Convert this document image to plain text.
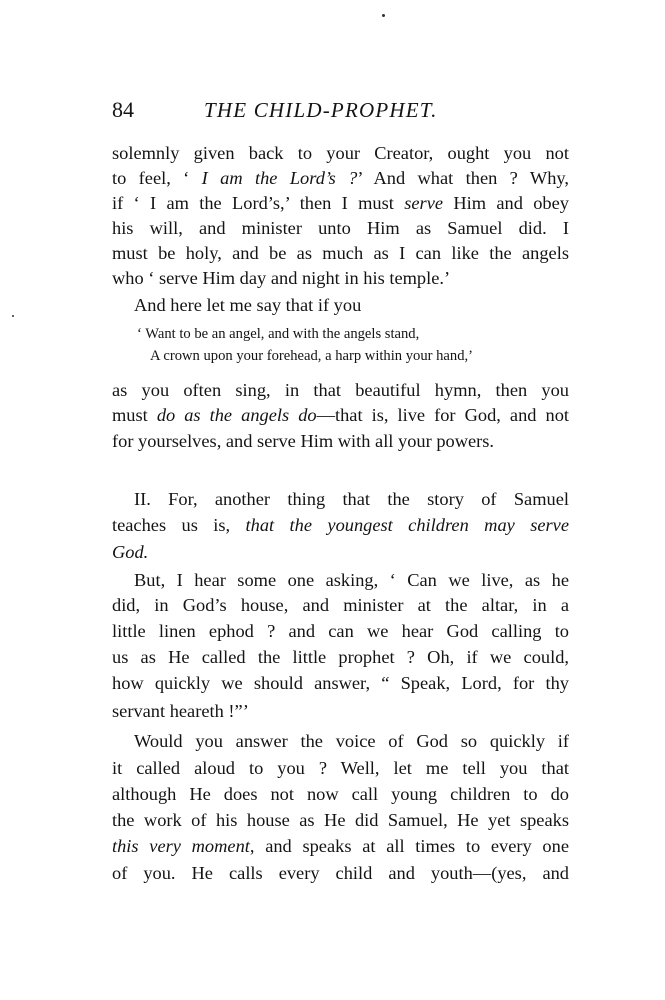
84	THE CHILD-PROPHET.
solemnly given back to your Creator, ought you not
to feel, ‘ I am the Lord’s ?’ And what then ? Why,
if ‘ I am the Lord’s,’ then I must serve Him and obey
his will, and minister unto Him as Samuel did. I
must be holy, and be as much as I can like the angels
who ‘ serve Him day and night in his temple.’
And here let me say that if you
‘ Want to be an angel, and with the angels stand,
A crown upon your forehead, a harp within your hand,’
as you often sing, in that beautiful hymn, then you
must do as the angels do—that is, live for God, and not
for yourselves, and serve Him with all your powers.
II. For, another thing that the story of Samuel
teaches us is, that the youngest children may serve
God.
But, I hear some one asking, ‘ Can we live, as he
did, in God’s house, and minister at the altar, in a
little linen ephod ? and can we hear God calling to
us as He called the little prophet ? Oh, if we could,
how quickly we should answer, “ Speak, Lord, for thy
servant heareth !”’
Would you answer the voice of God so quickly if
it called aloud to you ? Well, let me tell you that
although He does not now call young children to do
the work of his house as He did Samuel, He yet speaks
this very moment, and speaks at all times to every one
of you. He calls every child and youth—(yes, and
